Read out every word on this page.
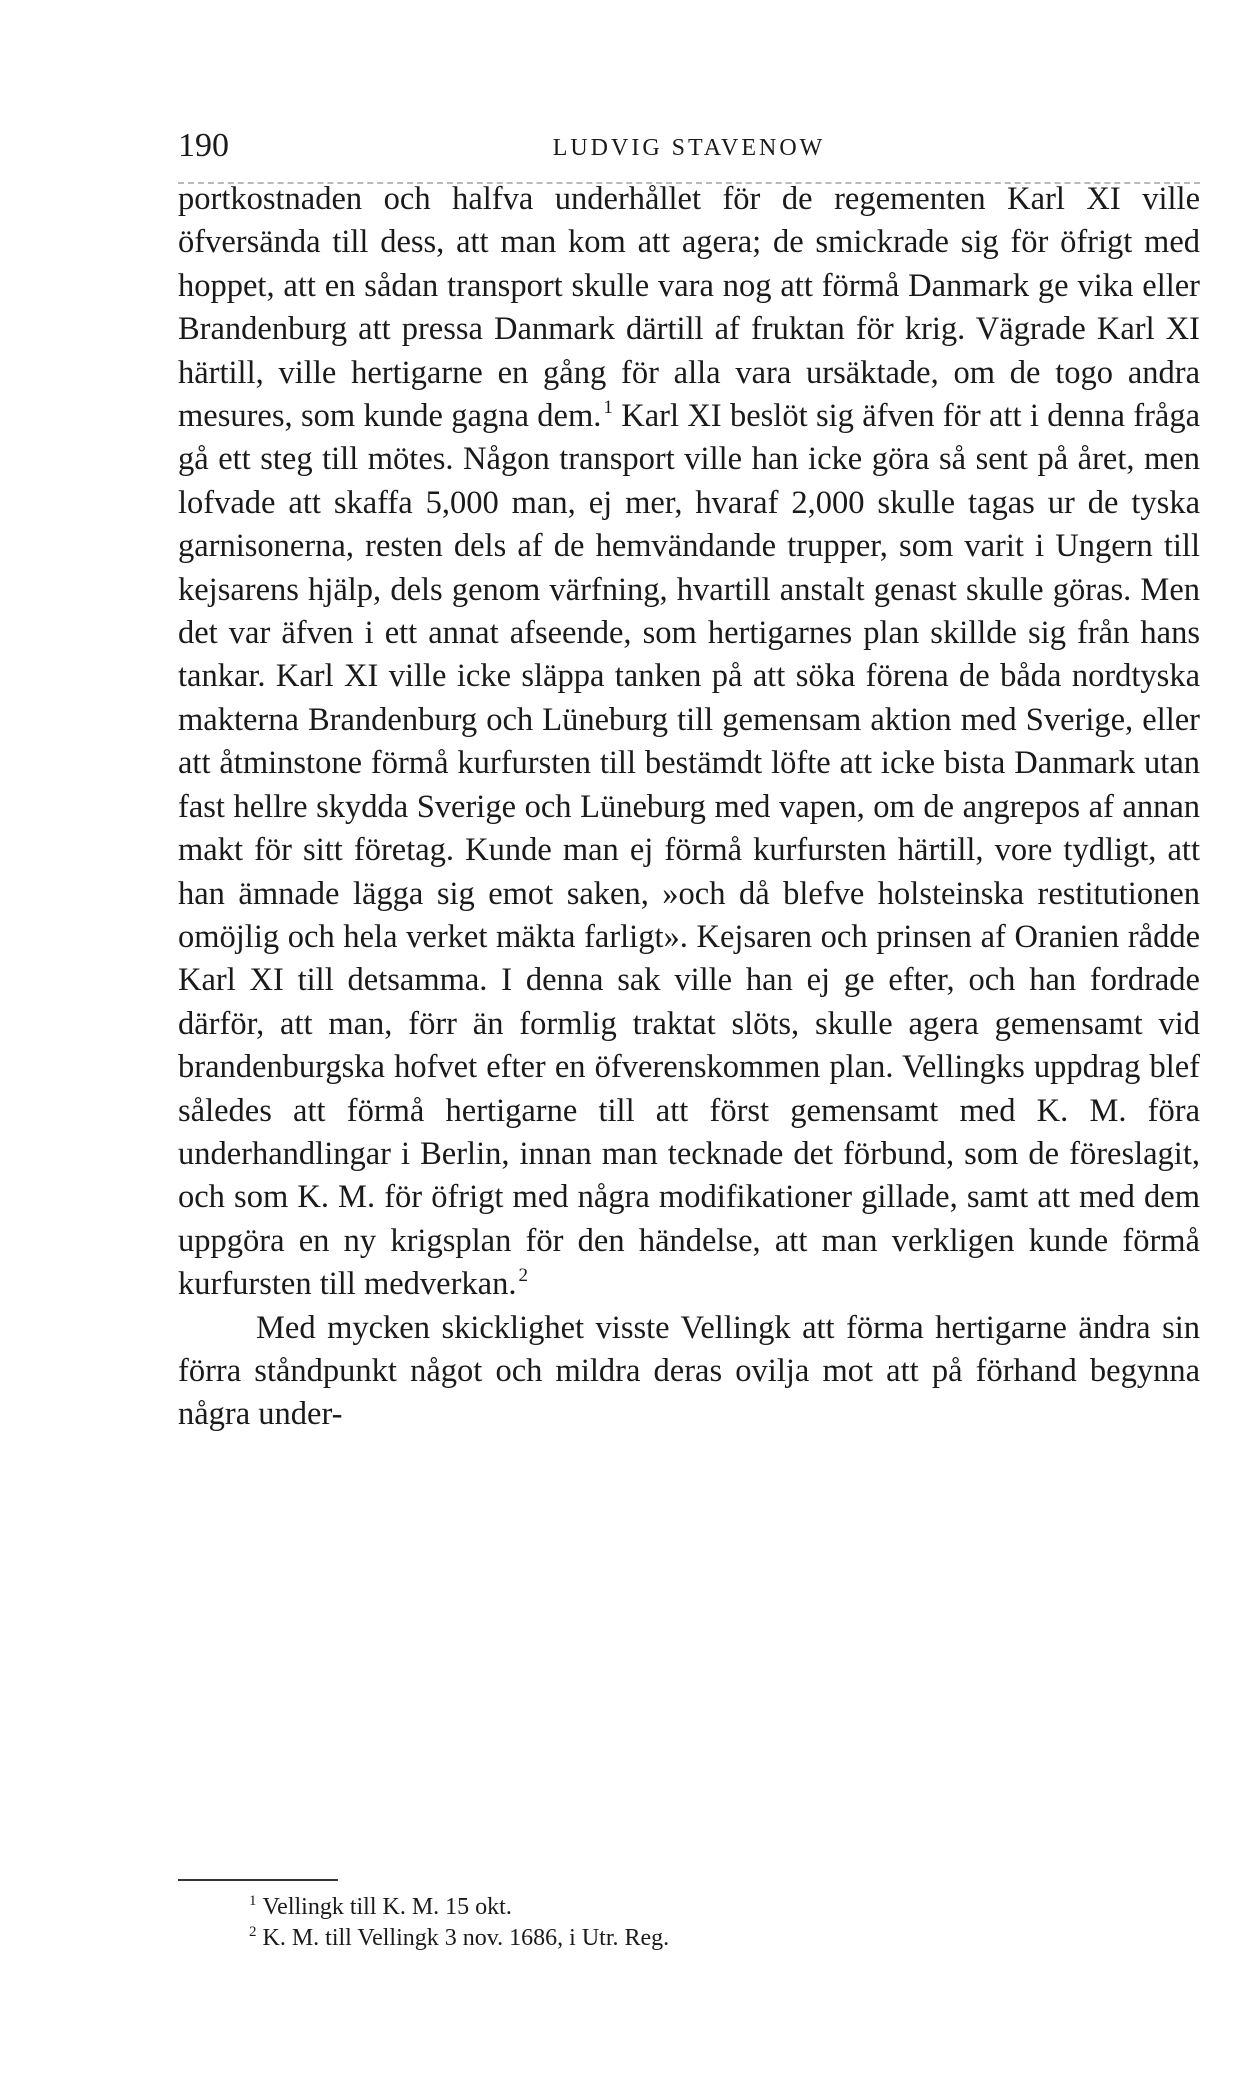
190	LUDVIG STAVENOW

portkostnaden och halfva underhållet för de regementen Karl XI ville öfversända till dess, att man kom att agera; de smickrade sig för öfrigt med hoppet, att en sådan transport skulle vara nog att förmå Danmark ge vika eller Brandenburg att pressa Danmark därtill af fruktan för krig. Vägrade Karl XI härtill, ville hertigarne en gång för alla vara ursäktade, om de togo andra mesures, som kunde gagna dem. $^1$ Karl XI beslöt sig äfven för att i denna fråga gå ett steg till mötes. Någon transport ville han icke göra så sent på året, men lofvade att skaffa 5,000 man, ej mer, hvaraf 2,000 skulle tagas ur de tyska garnisonerna, resten dels af de hemvändande trupper, som varit i Ungern till kejsarens hjälp, dels genom värfning, hvartill anstalt genast skulle göras. Men det var äfven i ett annat afseende, som hertigarnes plan skillde sig från hans tankar. Karl XI ville icke släppa tanken på att söka förena de båda nordtyska makterna Brandenburg och Lüneburg till gemensam aktion med Sverige, eller att åtminstone förmå kurfursten till bestämdt löfte att icke bista Danmark utan fast hellre skydda Sverige och Lüneburg med vapen, om de angrepos af annan makt för sitt företag. Kunde man ej förmå kurfursten härtill, vore tydligt, att han ämnade lägga sig emot saken, »och då blefve holsteinska restitutionen omöjlig och hela verket mäkta farligt». Kejsaren och prinsen af Oranien rådde Karl XI till detsamma. I denna sak ville han ej ge efter, och han fordrade därför, att man, förr än formlig traktat slöts, skulle agera gemensamt vid brandenburgska hofvet efter en öfverenskommen plan. Vellingks uppdrag blef således att förmå hertigarne till att först gemensamt med K. M. föra underhandlingar i Berlin, innan man tecknade det förbund, som de föreslagit, och som K. M. för öfrigt med några modifikationer gillade, samt att med dem uppgöra en ny krigsplan för den händelse, att man verkligen kunde förmå kurfursten till medverkan. $^2$

Med mycken skicklighet visste Vellingk att förma hertigarne ändra sin förra ståndpunkt något och mildra deras ovilja mot att på förhand begynna några under-

$^1$ Vellingk till K. M. 15 okt.

$^2$ K. M. till Vellingk 3 nov. 1686, i Utr. Reg.
